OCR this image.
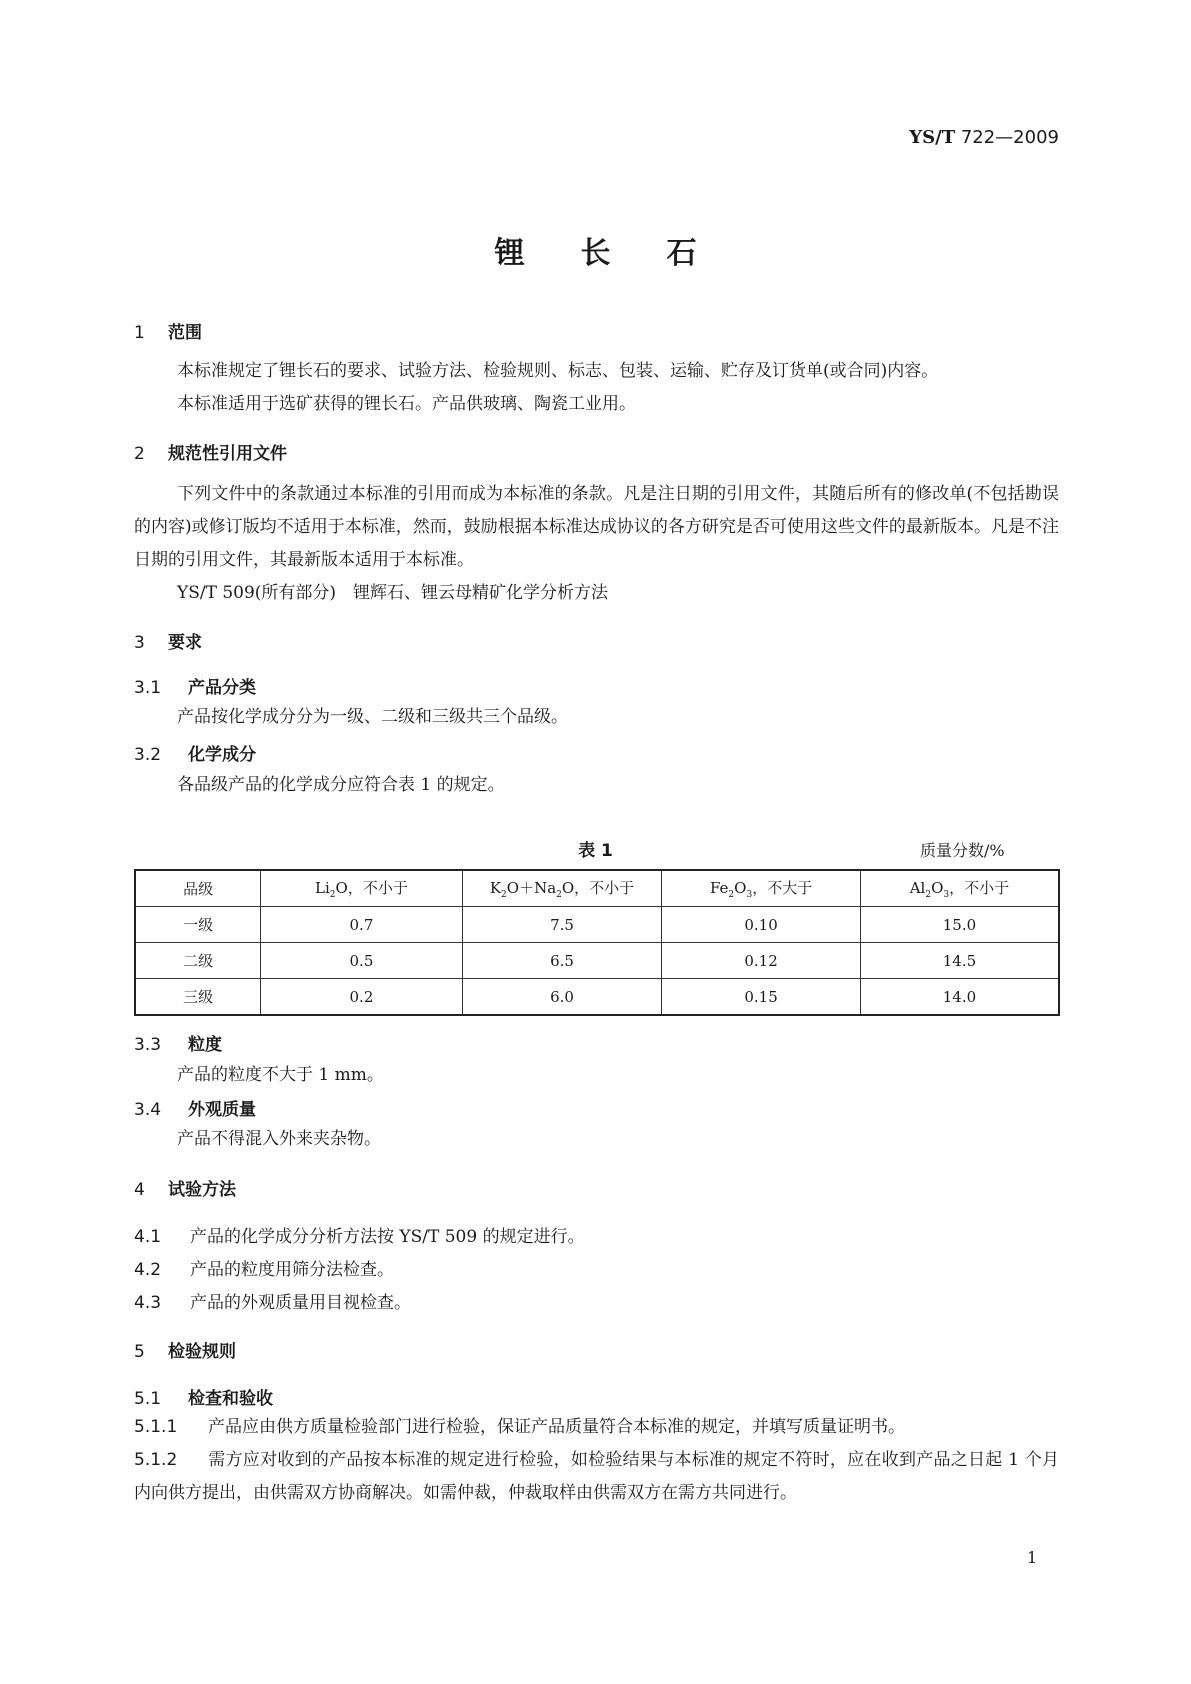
YS/T 722—2009
锂长石
1 范围
本标准规定了锂长石的要求、试验方法、检验规则、标志、包装、运输、贮存及订货单(或合同)内容。
本标准适用于选矿获得的锂长石。产品供玻璃、陶瓷工业用。
2 规范性引用文件
下列文件中的条款通过本标准的引用而成为本标准的条款。凡是注日期的引用文件，其随后所有的修改单(不包括勘误的内容)或修订版均不适用于本标准，然而，鼓励根据本标准达成协议的各方研究是否可使用这些文件的最新版本。凡是不注日期的引用文件，其最新版本适用于本标准。
YS/T 509(所有部分)　锂辉石、锂云母精矿化学分析方法
3 要求
3.1 产品分类
产品按化学成分分为一级、二级和三级共三个品级。
3.2 化学成分
各品级产品的化学成分应符合表 1 的规定。
表 1	质量分数/%
品级	$Li_2O$，不小于	$K_2O+Na_2O$，不小于	$Fe_2O_3$，不大于	$Al_2O_3$，不小于
一级	0.7	7.5	0.10	15.0
二级	0.5	6.5	0.12	14.5
三级	0.2	6.0	0.15	14.0
3.3 粒度
产品的粒度不大于 1 mm。
3.4 外观质量
产品不得混入外来夹杂物。
4 试验方法
4.1 产品的化学成分分析方法按 YS/T 509 的规定进行。
4.2 产品的粒度用筛分法检查。
4.3 产品的外观质量用目视检查。
5 检验规则
5.1 检查和验收
5.1.1 产品应由供方质量检验部门进行检验，保证产品质量符合本标准的规定，并填写质量证明书。
5.1.2 需方应对收到的产品按本标准的规定进行检验，如检验结果与本标准的规定不符时，应在收到产品之日起 1 个月内向供方提出，由供需双方协商解决。如需仲裁，仲裁取样由供需双方在需方共同进行。
1
